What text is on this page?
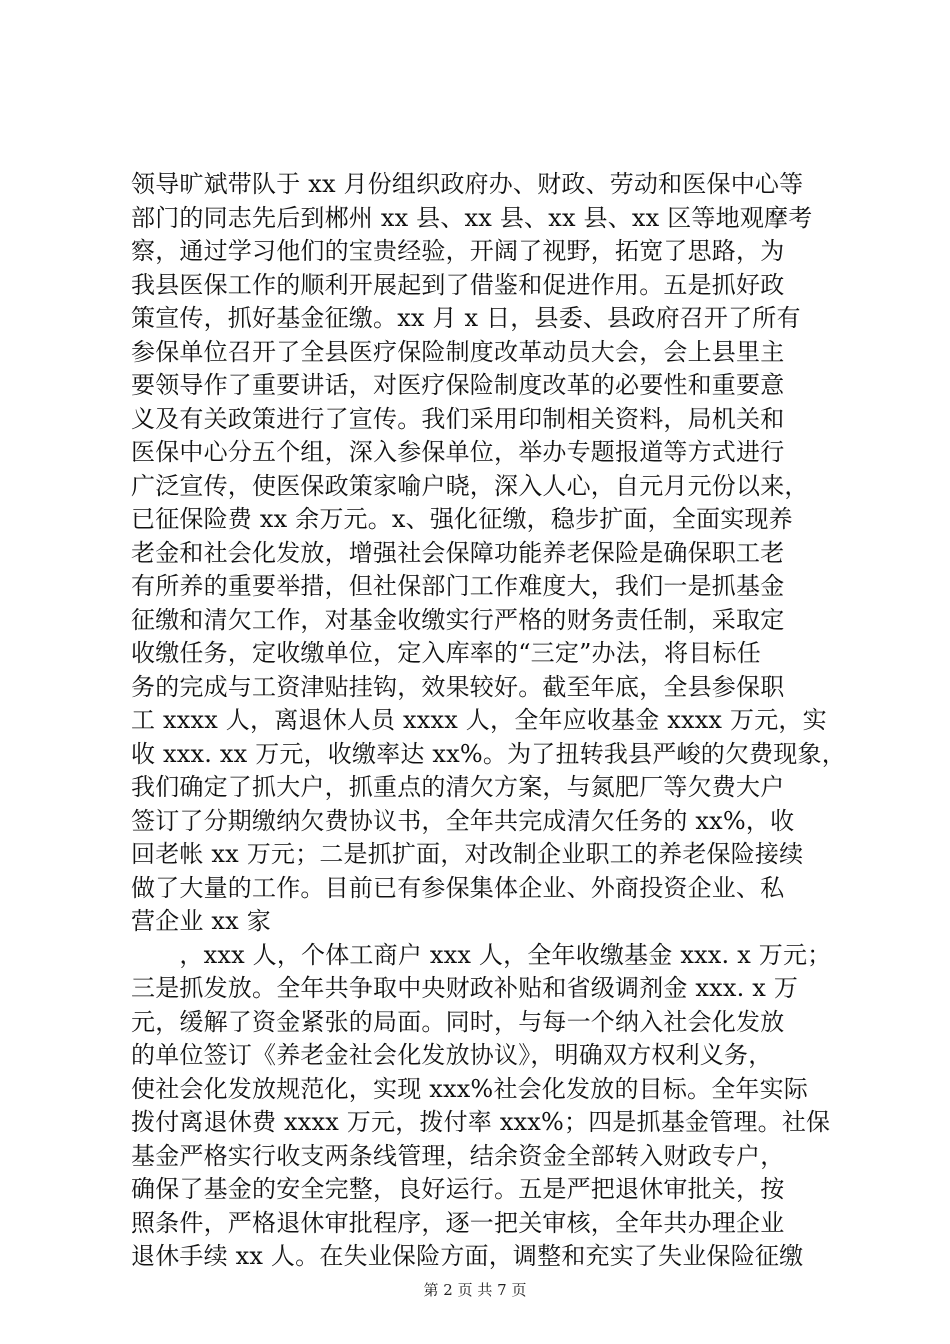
领导旷斌带队于 xx 月份组织政府办、财政、劳动和医保中心等
部门的同志先后到郴州 xx 县、xx 县、xx 县、xx 区等地观摩考
察，通过学习他们的宝贵经验，开阔了视野，拓宽了思路，为
我县医保工作的顺利开展起到了借鉴和促进作用。五是抓好政
策宣传，抓好基金征缴。xx 月 x 日，县委、县政府召开了所有
参保单位召开了全县医疗保险制度改革动员大会，会上县里主
要领导作了重要讲话，对医疗保险制度改革的必要性和重要意
义及有关政策进行了宣传。我们采用印制相关资料，局机关和
医保中心分五个组，深入参保单位，举办专题报道等方式进行
广泛宣传，使医保政策家喻户晓，深入人心，自元月元份以来，
已征保险费 xx 余万元。x、强化征缴，稳步扩面，全面实现养
老金和社会化发放，增强社会保障功能养老保险是确保职工老
有所养的重要举措，但社保部门工作难度大，我们一是抓基金
征缴和清欠工作，对基金收缴实行严格的财务责任制，采取定
收缴任务，定收缴单位，定入库率的“三定”办法，将目标任
务的完成与工资津贴挂钩，效果较好。截至年底，全县参保职
工 xxxx 人，离退休人员 xxxx 人，全年应收基金 xxxx 万元，实
收 xxx. xx 万元，收缴率达 xx%。为了扭转我县严峻的欠费现象，
我们确定了抓大户，抓重点的清欠方案，与氮肥厂等欠费大户
签订了分期缴纳欠费协议书，全年共完成清欠任务的 xx%，收
回老帐 xx 万元；二是抓扩面，对改制企业职工的养老保险接续
做了大量的工作。目前已有参保集体企业、外商投资企业、私
营企业 xx 家
　　，xxx 人，个体工商户 xxx 人，全年收缴基金 xxx. x 万元；
三是抓发放。全年共争取中央财政补贴和省级调剂金 xxx. x 万
元，缓解了资金紧张的局面。同时，与每一个纳入社会化发放
的单位签订《养老金社会化发放协议》，明确双方权利义务，
使社会化发放规范化，实现 xxx%社会化发放的目标。全年实际
拨付离退休费 xxxx 万元，拨付率 xxx%；四是抓基金管理。社保
基金严格实行收支两条线管理，结余资金全部转入财政专户，
确保了基金的安全完整，良好运行。五是严把退休审批关，按
照条件，严格退休审批程序，逐一把关审核，全年共办理企业
退休手续 xx 人。在失业保险方面，调整和充实了失业保险征缴
第 2 页 共 7 页
